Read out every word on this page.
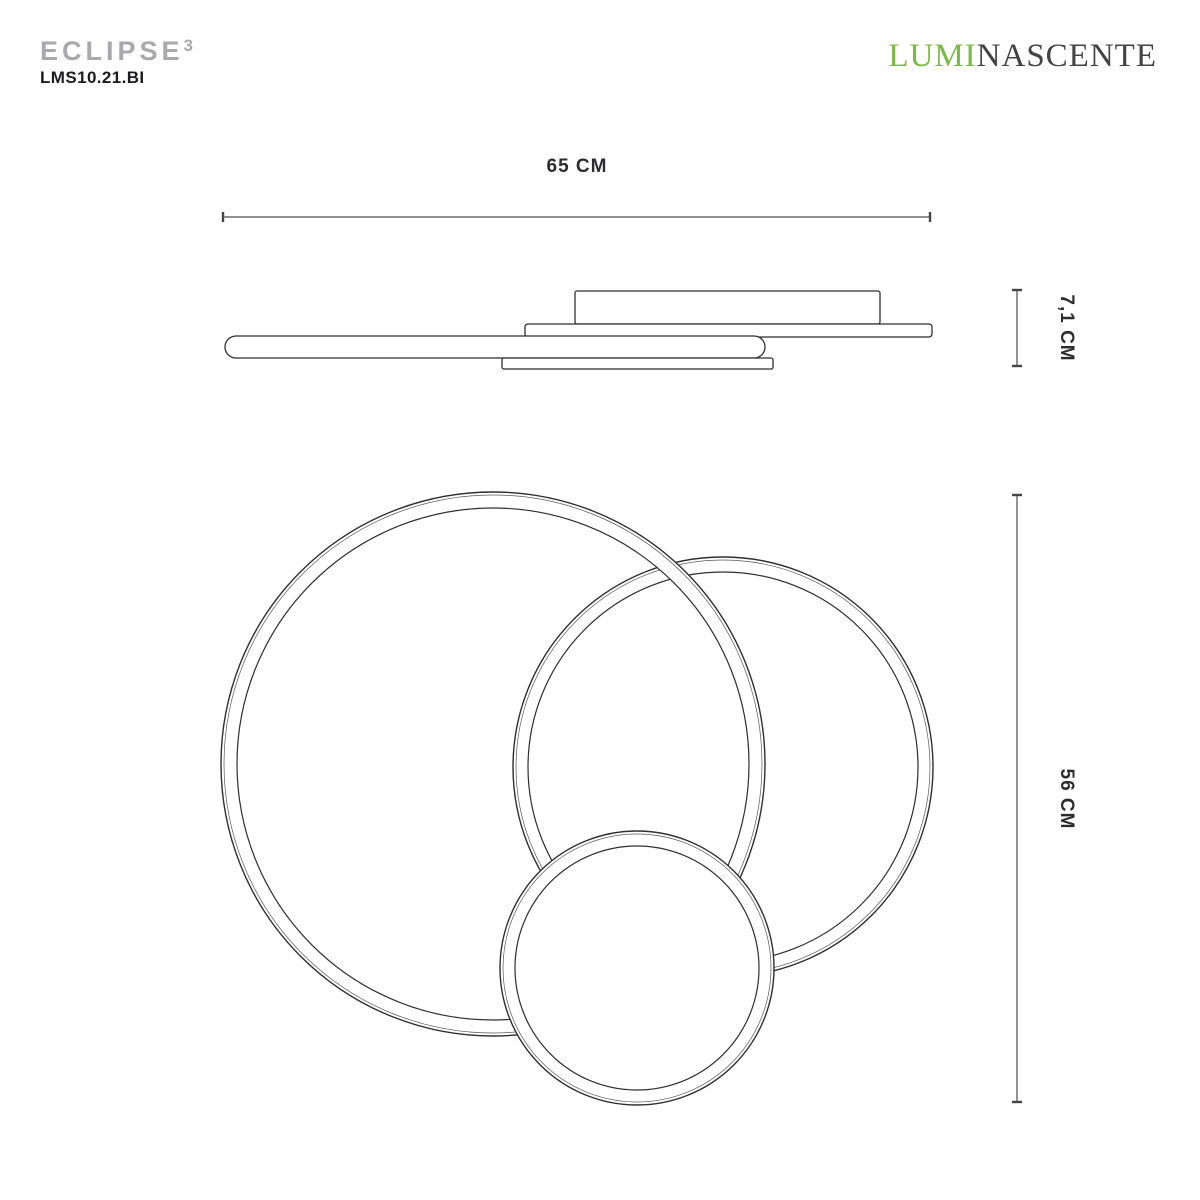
ECLIPSE$^3$
LMS10.21.BI
LUMINASCENTE
65 CM
7,1 CM
56 CM
